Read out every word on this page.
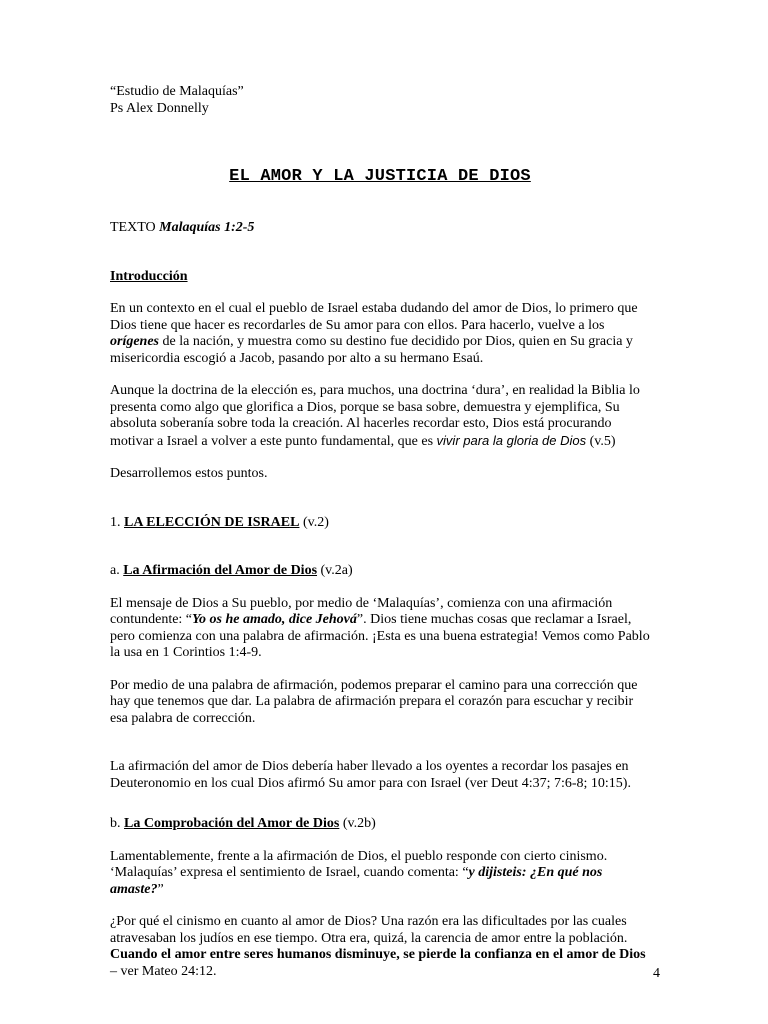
“Estudio de Malaquías”

Ps Alex Donnelly

EL AMOR Y LA JUSTICIA DE DIOS

TEXTO Malaquías 1:2-5

Introducción

En un contexto en el cual el pueblo de Israel estaba dudando del amor de Dios, lo primero que Dios tiene que hacer es recordarles de Su amor para con ellos. Para hacerlo, vuelve a los orígenes de la nación, y muestra como su destino fue decidido por Dios, quien en Su gracia y misericordia escogió a Jacob, pasando por alto a su hermano Esaú.

Aunque la doctrina de la elección es, para muchos, una doctrina ‘dura’, en realidad la Biblia lo presenta como algo que glorifica a Dios, porque se basa sobre, demuestra y ejemplifica, Su absoluta soberanía sobre toda la creación. Al hacerles recordar esto, Dios está procurando motivar a Israel a volver a este punto fundamental, que es vivir para la gloria de Dios (v.5)

Desarrollemos estos puntos.

1. LA ELECCIÓN DE ISRAEL (v.2)

a. La Afirmación del Amor de Dios (v.2a)

El mensaje de Dios a Su pueblo, por medio de ‘Malaquías’, comienza con una afirmación contundente: “Yo os he amado, dice Jehová”. Dios tiene muchas cosas que reclamar a Israel, pero comienza con una palabra de afirmación. ¡Esta es una buena estrategia! Vemos como Pablo la usa en 1 Corintios 1:4-9.

Por medio de una palabra de afirmación, podemos preparar el camino para una corrección que hay que tenemos que dar. La palabra de afirmación prepara el corazón para escuchar y recibir esa palabra de corrección.

La afirmación del amor de Dios debería haber llevado a los oyentes a recordar los pasajes en Deuteronomio en los cual Dios afirmó Su amor para con Israel (ver Deut 4:37; 7:6-8; 10:15).

b. La Comprobación del Amor de Dios (v.2b)

Lamentablemente, frente a la afirmación de Dios, el pueblo responde con cierto cinismo. ‘Malaquías’ expresa el sentimiento de Israel, cuando comenta: “y dijisteis: ¿En qué nos amaste?”

¿Por qué el cinismo en cuanto al amor de Dios? Una razón era las dificultades por las cuales atravesaban los judíos en ese tiempo. Otra era, quizá, la carencia de amor entre la población. Cuando el amor entre seres humanos disminuye, se pierde la confianza en el amor de Dios – ver Mateo 24:12.	4
